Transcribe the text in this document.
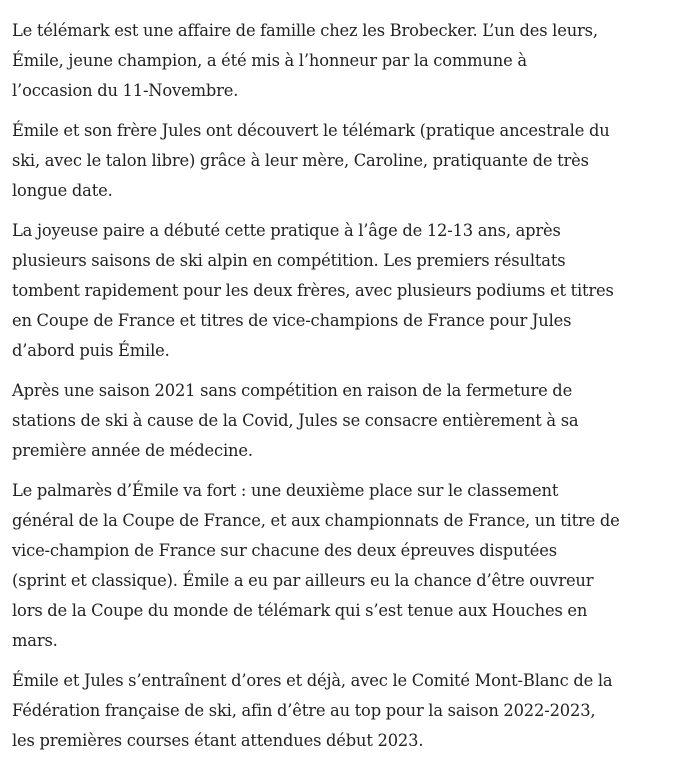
Le télémark est une affaire de famille chez les Brobecker. L’un des leurs,
Émile, jeune champion, a été mis à l’honneur par la commune à
l’occasion du 11-Novembre.

Émile et son frère Jules ont découvert le télémark (pratique ancestrale du
ski, avec le talon libre) grâce à leur mère, Caroline, pratiquante de très
longue date.

La joyeuse paire a débuté cette pratique à l’âge de 12-13 ans, après
plusieurs saisons de ski alpin en compétition. Les premiers résultats
tombent rapidement pour les deux frères, avec plusieurs podiums et titres
en Coupe de France et titres de vice-champions de France pour Jules
d’abord puis Émile.

Après une saison 2021 sans compétition en raison de la fermeture de
stations de ski à cause de la Covid, Jules se consacre entièrement à sa
première année de médecine.

Le palmarès d’Émile va fort : une deuxième place sur le classement
général de la Coupe de France, et aux championnats de France, un titre de
vice-champion de France sur chacune des deux épreuves disputées
(sprint et classique). Émile a eu par ailleurs eu la chance d’être ouvreur
lors de la Coupe du monde de télémark qui s’est tenue aux Houches en
mars.

Émile et Jules s’entraînent d’ores et déjà, avec le Comité Mont-Blanc de la
Fédération française de ski, afin d’être au top pour la saison 2022-2023,
les premières courses étant attendues début 2023.
